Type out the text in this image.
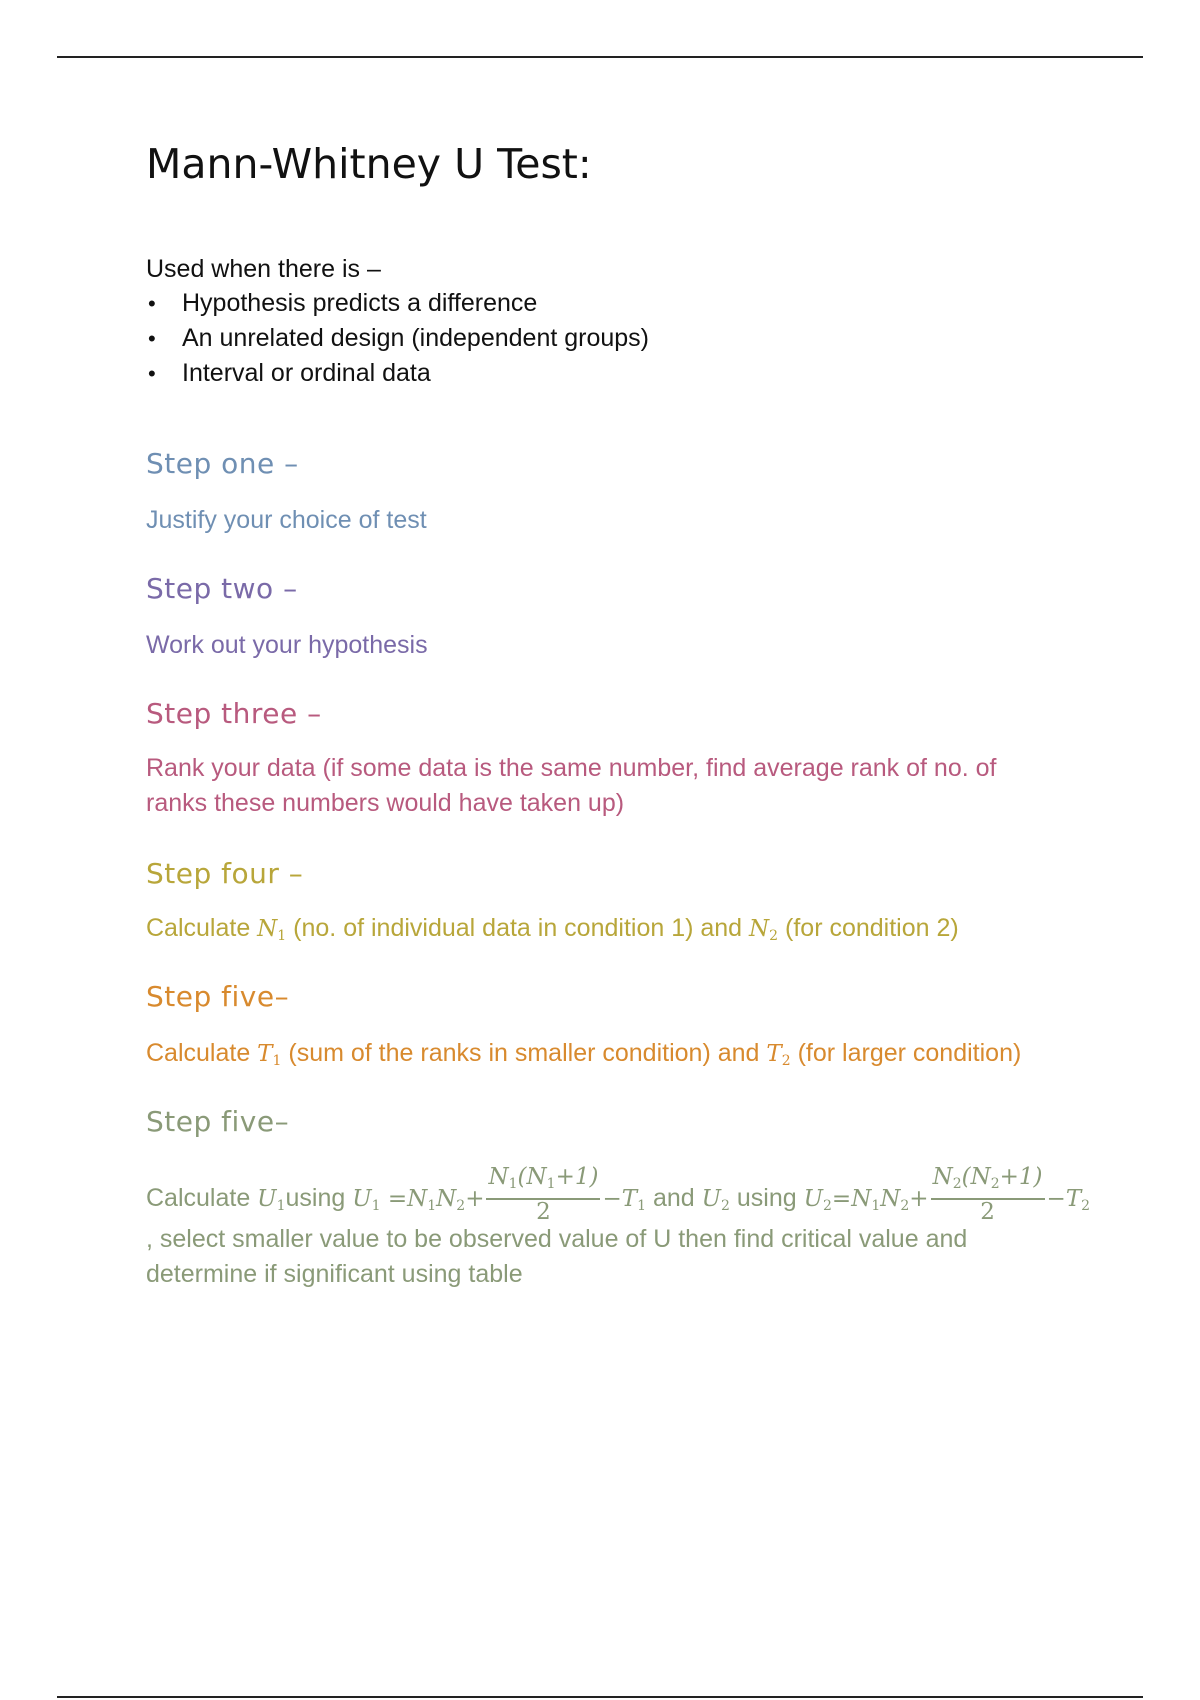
Mann-Whitney U Test:
Used when there is –
• Hypothesis predicts a difference
• An unrelated design (independent groups)
• Interval or ordinal data
Step one –

Justify your choice of test

Step two –

Work out your hypothesis

Step three –

Rank your data (if some data is the same number, find average rank of no. of ranks these numbers would have taken up)

Step four –

Calculate $N_1$ (no. of individual data in condition 1) and $N_2$ (for condition 2)

Step five–

Calculate $T_1$ (sum of the ranks in smaller condition) and $T_2$ (for larger condition)

Step five–
Calculate $U_1using$ $U_1 =N_1N_2+ \frac{N_1(N_1+1)}{2} -T_1$ and $U_2$ using $U_2=N_1N_2+ \frac{N_2(N_2+1)}{2} -T_2$

, select smaller value to be observed value of U then find critical value and determine if significant using table
